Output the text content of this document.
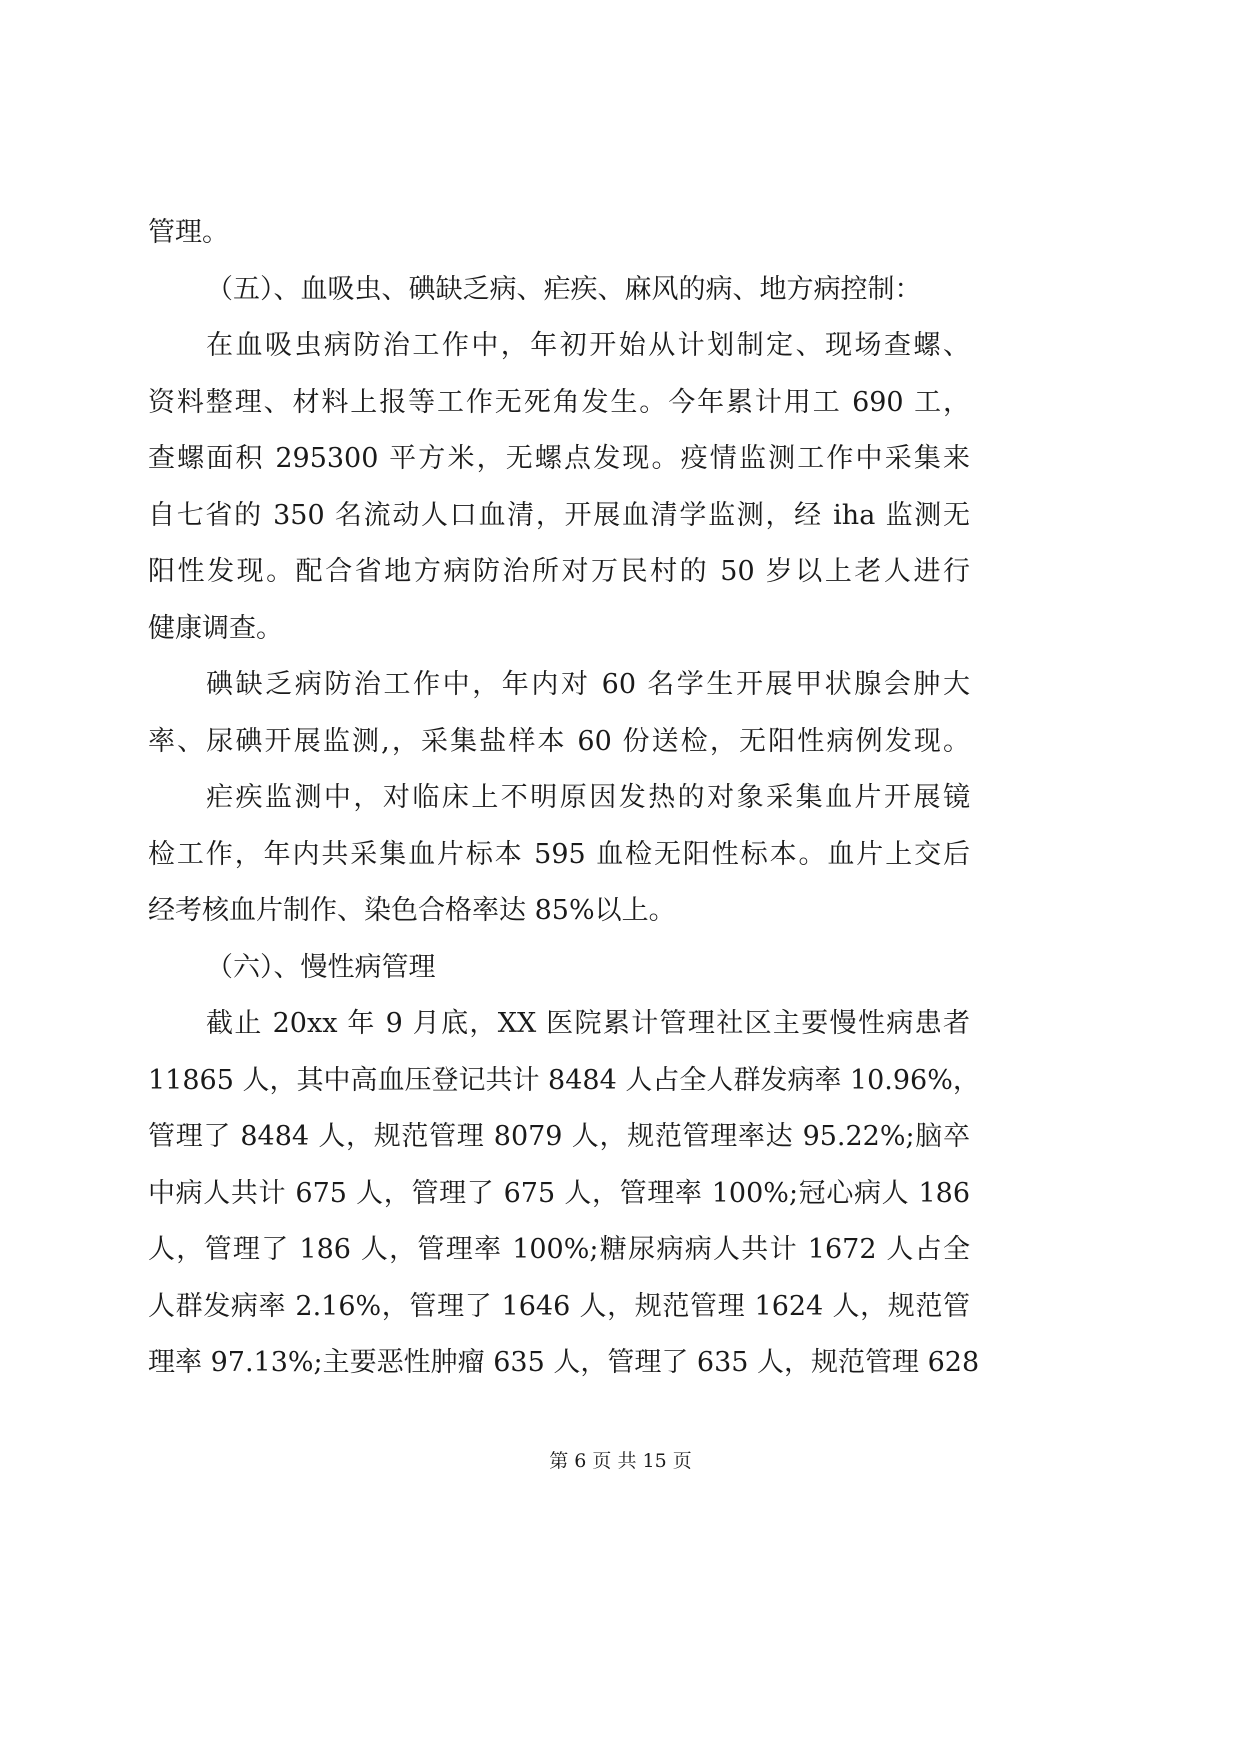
管理。
（五）、血吸虫、碘缺乏病、疟疾、麻风的病、地方病控制：
在血吸虫病防治工作中，年初开始从计划制定、现场查螺、
资料整理、材料上报等工作无死角发生。今年累计用工 690 工，
查螺面积 295300 平方米，无螺点发现。疫情监测工作中采集来
自七省的 350 名流动人口血清，开展血清学监测，经 iha 监测无
阳性发现。配合省地方病防治所对万民村的 50 岁以上老人进行
健康调查。
碘缺乏病防治工作中，年内对 60 名学生开展甲状腺会肿大
率、尿碘开展监测,，采集盐样本 60 份送检，无阳性病例发现。
疟疾监测中，对临床上不明原因发热的对象采集血片开展镜
检工作，年内共采集血片标本 595 血检无阳性标本。血片上交后
经考核血片制作、染色合格率达 85%以上。
（六）、慢性病管理
截止 20xx 年 9 月底，XX 医院累计管理社区主要慢性病患者
11865 人，其中高血压登记共计 8484 人占全人群发病率 10.96%，
管理了 8484 人，规范管理 8079 人，规范管理率达 95.22%;脑卒
中病人共计 675 人，管理了 675 人，管理率 100%;冠心病人 186
人，管理了 186 人，管理率 100%;糖尿病病人共计 1672 人占全
人群发病率 2.16%，管理了 1646 人，规范管理 1624 人，规范管
理率 97.13%;主要恶性肿瘤 635 人，管理了 635 人，规范管理 628
第 6 页 共 15 页
